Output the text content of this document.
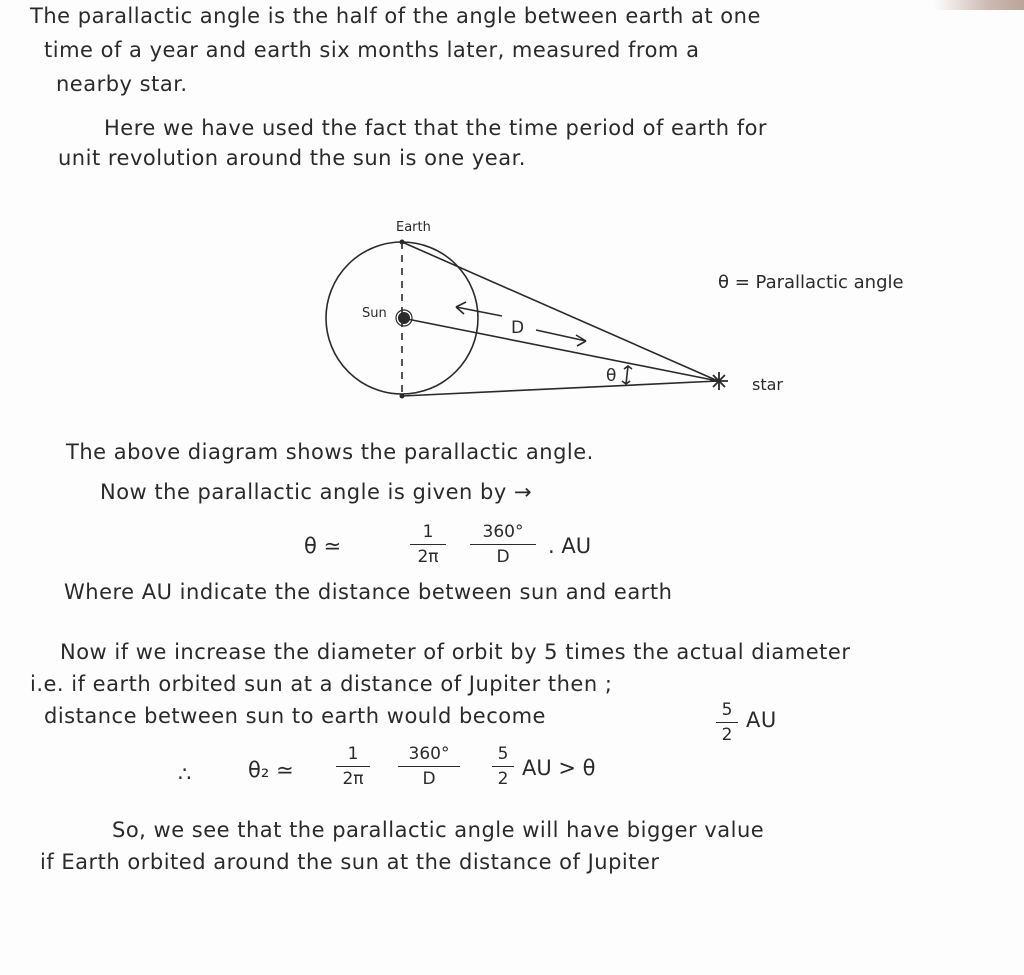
The parallactic angle is the half of the angle between earth at one
time of a year and earth six months later, measured from a
nearby star.
Here we have used the fact that the time period of earth for
unit revolution around the sun is one year.
Earth
Sun
D
θ	star
θ = Parallactic angle
The above diagram shows the parallactic angle.
Now the parallactic angle is given by →
θ ≃
1
2π
360°
D	. AU
Where AU indicate the distance between sun and earth
Now if we increase the diameter of orbit by 5 times the actual diameter
i.e. if earth orbited sun at a distance of Jupiter then ;
distance between sun to earth would become	5
2
AU
∴	θ₂ ≃
1
2π
360°
D
5
2 AU > θ
So, we see that the parallactic angle will have bigger value
if Earth orbited around the sun at the distance of Jupiter
